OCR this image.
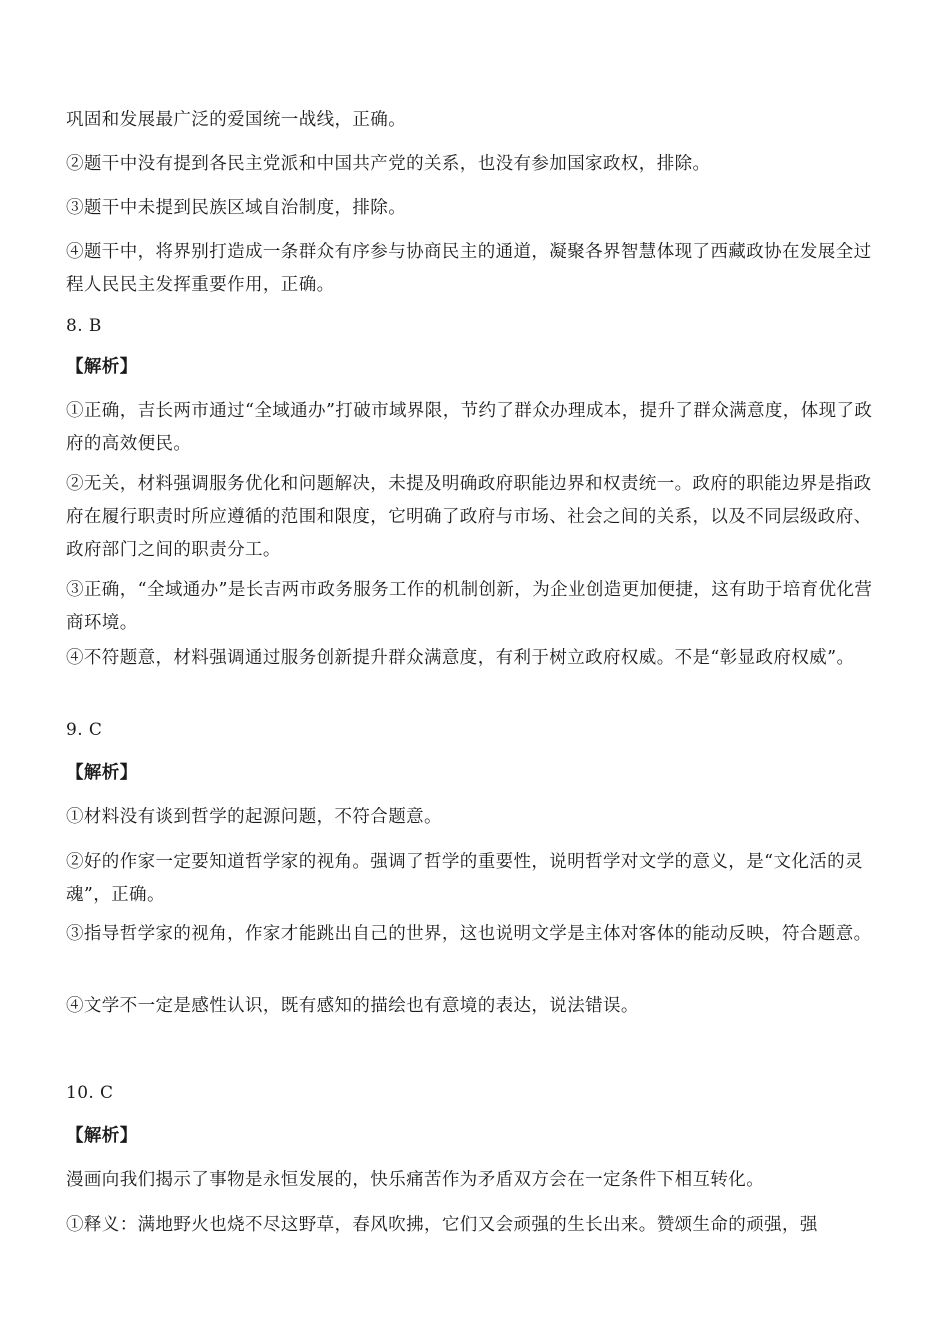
巩固和发展最广泛的爱国统一战线，正确。

②题干中没有提到各民主党派和中国共产党的关系，也没有参加国家政权，排除。

③题干中未提到民族区域自治制度，排除。

④题干中，将界别打造成一条群众有序参与协商民主的通道，凝聚各界智慧体现了西藏政协在发展全过程人民民主发挥重要作用，正确。

8. B

【解析】

①正确，吉长两市通过“全域通办”打破市域界限，节约了群众办理成本，提升了群众满意度，体现了政府的高效便民。

②无关，材料强调服务优化和问题解决，未提及明确政府职能边界和权责统一。政府的职能边界是指政府在履行职责时所应遵循的范围和限度，它明确了政府与市场、社会之间的关系，以及不同层级政府、政府部门之间的职责分工。

③正确，“全域通办”是长吉两市政务服务工作的机制创新，为企业创造更加便捷，这有助于培育优化营商环境。

④不符题意，材料强调通过服务创新提升群众满意度，有利于树立政府权威。不是“彰显政府权威”。

9. C

【解析】

①材料没有谈到哲学的起源问题，不符合题意。

②好的作家一定要知道哲学家的视角。强调了哲学的重要性，说明哲学对文学的意义，是“文化活的灵魂”，正确。

③指导哲学家的视角，作家才能跳出自己的世界，这也说明文学是主体对客体的能动反映，符合题意。

④文学不一定是感性认识，既有感知的描绘也有意境的表达，说法错误。

10. C

【解析】

漫画向我们揭示了事物是永恒发展的，快乐痛苦作为矛盾双方会在一定条件下相互转化。

①释义：满地野火也烧不尽这野草，春风吹拂，它们又会顽强的生长出来。赞颂生命的顽强，强
